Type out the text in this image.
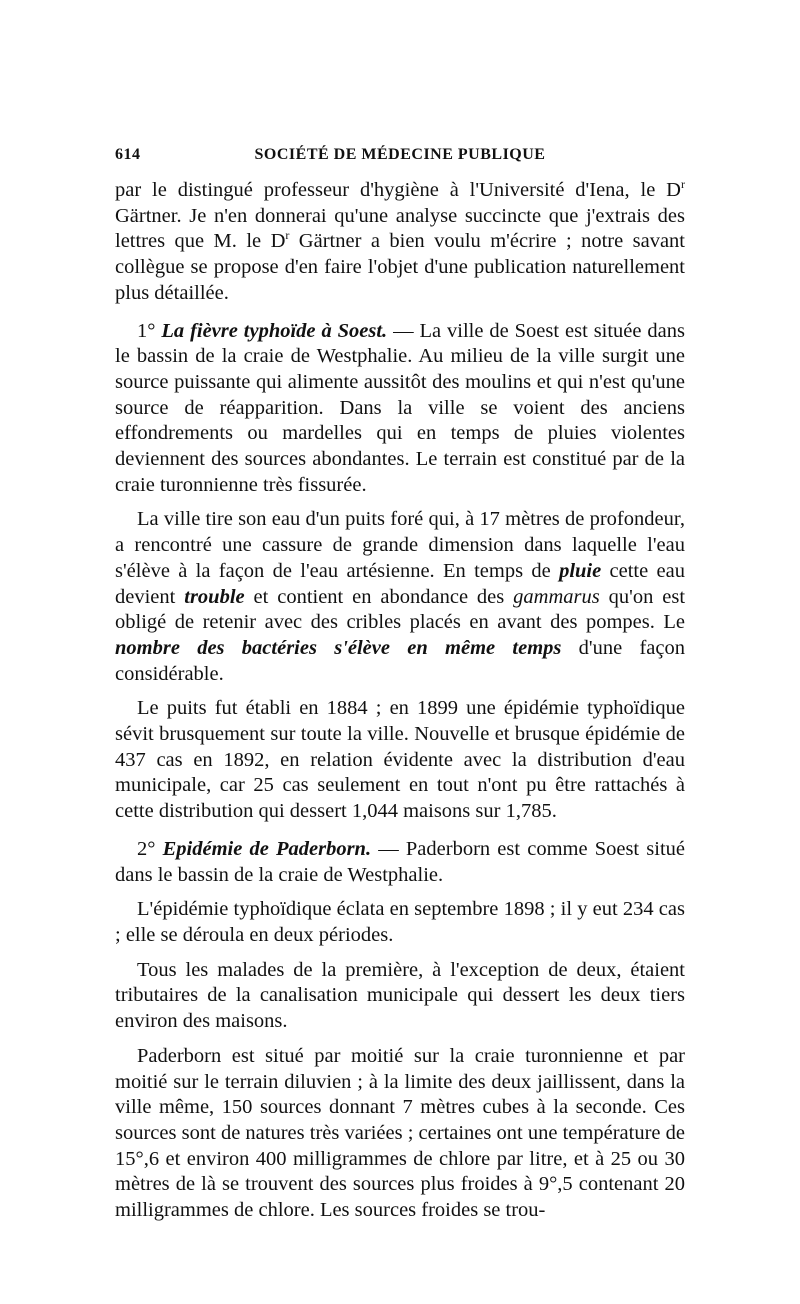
614	SOCIÉTÉ DE MÉDECINE PUBLIQUE

par le distingué professeur d'hygiène à l'Université d'Iena, le $D^r$ Gärtner. Je n'en donnerai qu'une analyse succincte que j'extrais des lettres que M. le $D^r$ Gärtner a bien voulu m'écrire ; notre savant collègue se propose d'en faire l'objet d'une publication naturellement plus détaillée.

1° La fièvre typhoïde à Soest. — La ville de Soest est située dans le bassin de la craie de Westphalie. Au milieu de la ville surgit une source puissante qui alimente aussitôt des moulins et qui n'est qu'une source de réapparition. Dans la ville se voient des anciens effondrements ou mardelles qui en temps de pluies violentes deviennent des sources abondantes. Le terrain est constitué par de la craie turonnienne très fissurée.

La ville tire son eau d'un puits foré qui, à 17 mètres de profondeur, a rencontré une cassure de grande dimension dans laquelle l'eau s'élève à la façon de l'eau artésienne. En temps de pluie cette eau devient trouble et contient en abondance des gammarus qu'on est obligé de retenir avec des cribles placés en avant des pompes. Le nombre des bactéries s'élève en même temps d'une façon considérable.

Le puits fut établi en 1884 ; en 1899 une épidémie typhoïdique sévit brusquement sur toute la ville. Nouvelle et brusque épidémie de 437 cas en 1892, en relation évidente avec la distribution d'eau municipale, car 25 cas seulement en tout n'ont pu être rattachés à cette distribution qui dessert 1,044 maisons sur 1,785.

2° Epidémie de Paderborn. — Paderborn est comme Soest situé dans le bassin de la craie de Westphalie.

L'épidémie typhoïdique éclata en septembre 1898 ; il y eut 234 cas ; elle se déroula en deux périodes.

Tous les malades de la première, à l'exception de deux, étaient tributaires de la canalisation municipale qui dessert les deux tiers environ des maisons.

Paderborn est situé par moitié sur la craie turonnienne et par moitié sur le terrain diluvien ; à la limite des deux jaillissent, dans la ville même, 150 sources donnant 7 mètres cubes à la seconde. Ces sources sont de natures très variées ; certaines ont une température de 15°,6 et environ 400 milligrammes de chlore par litre, et à 25 ou 30 mètres de là se trouvent des sources plus froides à 9°,5 contenant 20 milligrammes de chlore. Les sources froides se trou-
